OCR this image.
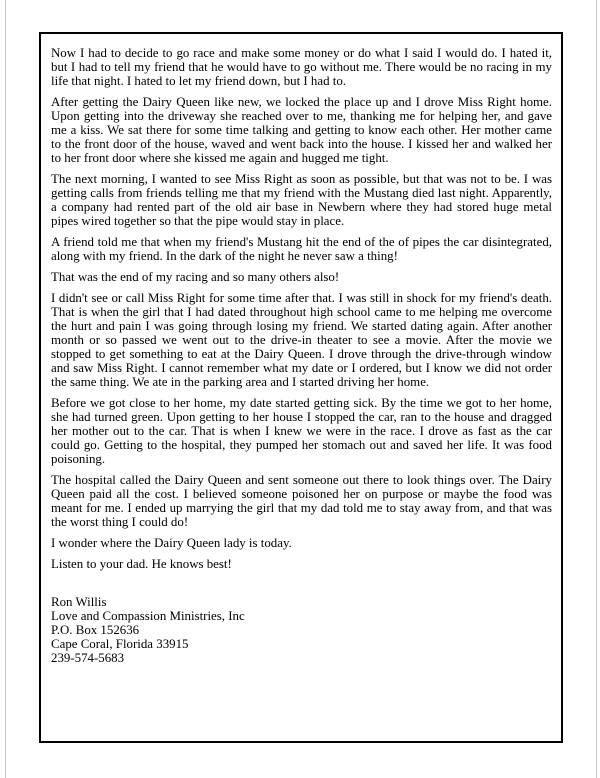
Now I had to decide to go race and make some money or do what I said I would do. I hated it, but I had to tell my friend that he would have to go without me. There would be no racing in my life that night. I hated to let my friend down, but I had to.

After getting the Dairy Queen like new, we locked the place up and I drove Miss Right home. Upon getting into the driveway she reached over to me, thanking me for helping her, and gave me a kiss. We sat there for some time talking and getting to know each other. Her mother came to the front door of the house, waved and went back into the house. I kissed her and walked her to her front door where she kissed me again and hugged me tight.

The next morning, I wanted to see Miss Right as soon as possible, but that was not to be. I was getting calls from friends telling me that my friend with the Mustang died last night. Apparently, a company had rented part of the old air base in Newbern where they had stored huge metal pipes wired together so that the pipe would stay in place.

A friend told me that when my friend's Mustang hit the end of the of pipes the car disintegrated, along with my friend. In the dark of the night he never saw a thing!

That was the end of my racing and so many others also!

I didn't see or call Miss Right for some time after that. I was still in shock for my friend's death. That is when the girl that I had dated throughout high school came to me helping me overcome the hurt and pain I was going through losing my friend. We started dating again. After another month or so passed we went out to the drive-in theater to see a movie. After the movie we stopped to get something to eat at the Dairy Queen. I drove through the drive-through window and saw Miss Right. I cannot remember what my date or I ordered, but I know we did not order the same thing. We ate in the parking area and I started driving her home.

Before we got close to her home, my date started getting sick. By the time we got to her home, she had turned green. Upon getting to her house I stopped the car, ran to the house and dragged her mother out to the car. That is when I knew we were in the race. I drove as fast as the car could go. Getting to the hospital, they pumped her stomach out and saved her life. It was food poisoning.

The hospital called the Dairy Queen and sent someone out there to look things over. The Dairy Queen paid all the cost. I believed someone poisoned her on purpose or maybe the food was meant for me. I ended up marrying the girl that my dad told me to stay away from, and that was the worst thing I could do!

I wonder where the Dairy Queen lady is today.

Listen to your dad. He knows best!

Ron Willis
Love and Compassion Ministries, Inc
P.O. Box 152636
Cape Coral, Florida 33915
239-574-5683
